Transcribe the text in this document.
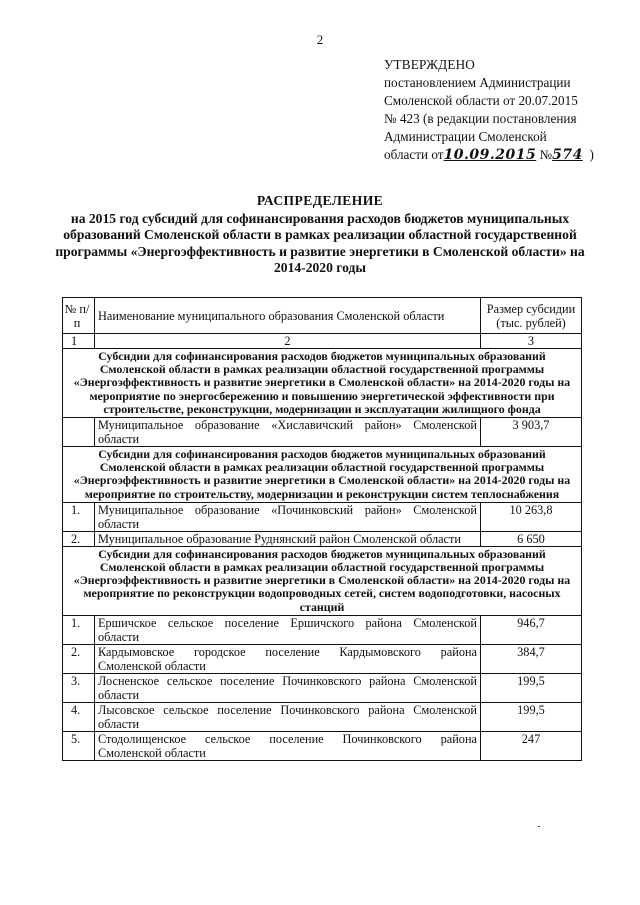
2
УТВЕРЖДЕНО
постановлением Администрации
Смоленской области от 20.07.2015
№ 423 (в редакции постановления
Администрации Смоленской
области от10.09.2015 №574 )
РАСПРЕДЕЛЕНИЕ
на 2015 год субсидий для софинансирования расходов бюджетов муниципальных образований Смоленской области в рамках реализации областной государственной программы «Энергоэффективность и развитие энергетики в Смоленской области» на 2014-2020 годы
№ п/п	Наименование муниципального образования Смоленской области	Размер субсидии (тыс. рублей)
1	2	3
Субсидии для софинансирования расходов бюджетов муниципальных образований Смоленской области в рамках реализации областной государственной программы «Энергоэффективность и развитие энергетики в Смоленской области» на 2014-2020 годы на мероприятие по энергосбережению и повышению энергетической эффективности при строительстве, реконструкции, модернизации и эксплуатации жилищного фонда		
	Муниципальное образование «Хиславичский район» Смоленской области	3 903,7
Субсидии для софинансирования расходов бюджетов муниципальных образований Смоленской области в рамках реализации областной государственной программы «Энергоэффективность и развитие энергетики в Смоленской области» на 2014-2020 годы на мероприятие по строительству, модернизации и реконструкции систем теплоснабжения		
1.	Муниципальное образование «Починковский район» Смоленской области	10 263,8
2.	Муниципальное образование Руднянский район Смоленской области	6 650
Субсидии для софинансирования расходов бюджетов муниципальных образований Смоленской области в рамках реализации областной государственной программы «Энергоэффективность и развитие энергетики в Смоленской области» на 2014-2020 годы на мероприятие по реконструкции водопроводных сетей, систем водоподготовки, насосных станций		
1.	Ершичское сельское поселение Ершичского района Смоленской области	946,7
2.	Кардымовское городское поселение Кардымовского района Смоленской области	384,7
3.	Лосненское сельское поселение Починковского района Смоленской области	199,5
4.	Лысовское сельское поселение Починковского района Смоленской области	199,5
5.	Стодолищенское сельское поселение Починковского района Смоленской области	247
